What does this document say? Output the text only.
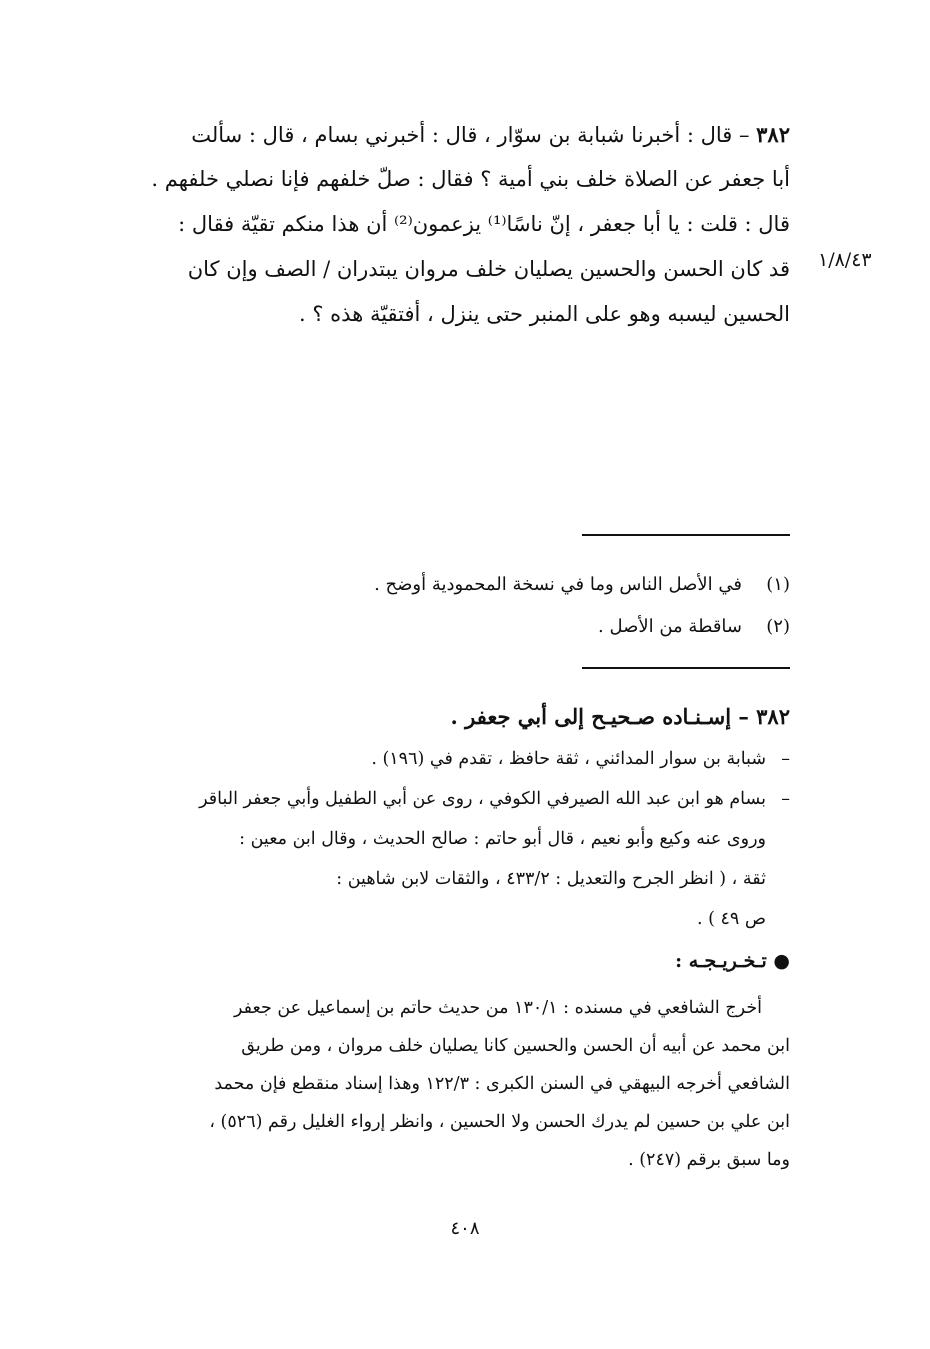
٣٨٢ – قال : أخبرنا شبابة بن سوّار ، قال : أخبرني بسام ، قال : سألت
أبا جعفر عن الصلاة خلف بني أمية ؟ فقال : صلّ خلفهم فإنا نصلي خلفهم .
قال : قلت : يا أبا جعفر ، إنّ ناسًا⁽¹⁾ يزعمون⁽²⁾ أن هذا منكم تقيّة فقال :
قد كان الحسن والحسين يصليان خلف مروان يبتدران / الصف وإن كان
الحسين ليسبه وهو على المنبر حتى ينزل ، أفتقيّة هذه ؟ .
١/٨/٤٣
(١)في الأصل الناس وما في نسخة المحمودية أوضح .
(٢)ساقطة من الأصل .
٣٨٢ – إسـنـاده صـحيـح إلى أبي جعفر .
–شبابة بن سوار المدائني ، ثقة حافظ ، تقدم في (١٩٦) .
–بسام هو ابن عبد الله الصيرفي الكوفي ، روى عن أبي الطفيل وأبي جعفر الباقر
وروى عنه وكيع وأبو نعيم ، قال أبو حاتم : صالح الحديث ، وقال ابن معين :
ثقة ، ( انظر الجرح والتعديل : ٤٣٣/٢ ، والثقات لابن شاهين :
ص ٤٩ ) .
● تـخـريـجـه :
أخرج الشافعي في مسنده : ١٣٠/١ من حديث حاتم بن إسماعيل عن جعفر
ابن محمد عن أبيه أن الحسن والحسين كانا يصليان خلف مروان ، ومن طريق
الشافعي أخرجه البيهقي في السنن الكبرى : ١٢٢/٣ وهذا إسناد منقطع فإن محمد
ابن علي بن حسين لم يدرك الحسن ولا الحسين ، وانظر إرواء الغليل رقم (٥٢٦) ،
وما سبق برقم (٢٤٧) .
٤٠٨
